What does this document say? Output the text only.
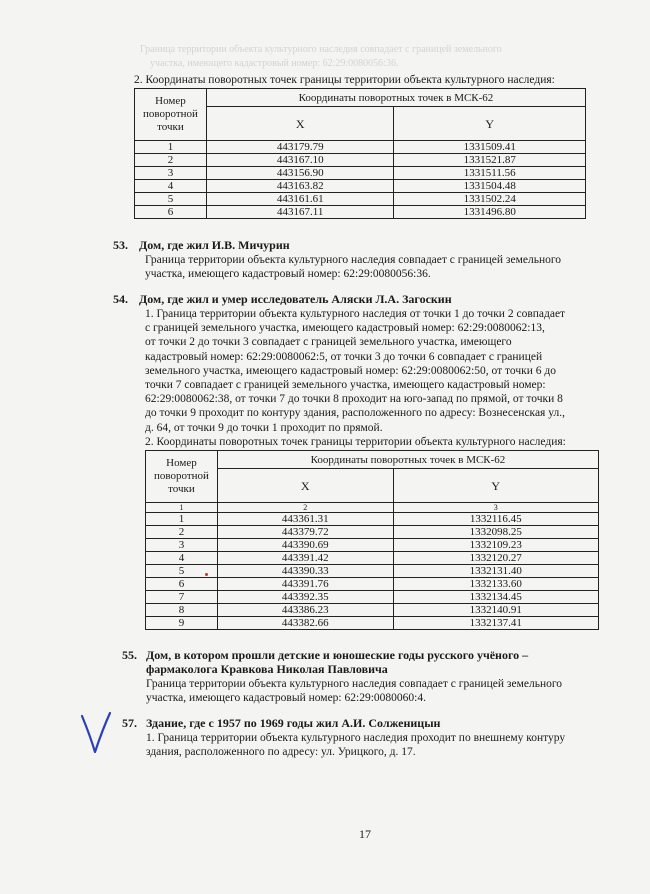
Граница территории объекта культурного наследия совпадает с границей земельного
участка, имеющего кадастровый номер: 62:29:0080056:36.
2. Координаты поворотных точек границы территории объекта культурного наследия:
Номер поворотной точки	Координаты поворотных точек в МСК-62	
	X	Y
1	443179.79	1331509.41
2	443167.10	1331521.87
3	443156.90	1331511.56
4	443163.82	1331504.48
5	443161.61	1331502.24
6	443167.11	1331496.80
53. Дом, где жил И.В. Мичурин
Граница территории объекта культурного наследия совпадает с границей земельного
участка, имеющего кадастровый номер: 62:29:0080056:36.
54. Дом, где жил и умер исследователь Аляски Л.А. Загоскин
1. Граница территории объекта культурного наследия от точки 1 до точки 2 совпадает
с границей земельного участка, имеющего кадастровый номер: 62:29:0080062:13,
от точки 2 до точки 3 совпадает с границей земельного участка, имеющего
кадастровый номер: 62:29:0080062:5, от точки 3 до точки 6 совпадает с границей
земельного участка, имеющего кадастровый номер: 62:29:0080062:50, от точки 6 до
точки 7 совпадает с границей земельного участка, имеющего кадастровый номер:
62:29:0080062:38, от точки 7 до точки 8 проходит на юго-запад по прямой, от точки 8
до точки 9 проходит по контуру здания, расположенного по адресу: Вознесенская ул.,
д. 64, от точки 9 до точки 1 проходит по прямой.
2. Координаты поворотных точек границы территории объекта культурного наследия:
Номер поворотной точки	Координаты поворотных точек в МСК-62	
	X	Y
1	2	3
1	443361.31	1332116.45
2	443379.72	1332098.25
3	443390.69	1332109.23
4	443391.42	1332120.27
5	443390.33	1332131.40
6	443391.76	1332133.60
7	443392.35	1332134.45
8	443386.23	1332140.91
9	443382.66	1332137.41
55. Дом, в котором прошли детские и юношеские годы русского учёного –
фармаколога Кравкова Николая Павловича
Граница территории объекта культурного наследия совпадает с границей земельного
участка, имеющего кадастровый номер: 62:29:0080060:4.
57. Здание, где с 1957 по 1969 годы жил А.И. Солженицын
1. Граница территории объекта культурного наследия проходит по внешнему контуру
здания, расположенного по адресу: ул. Урицкого, д. 17.
17
